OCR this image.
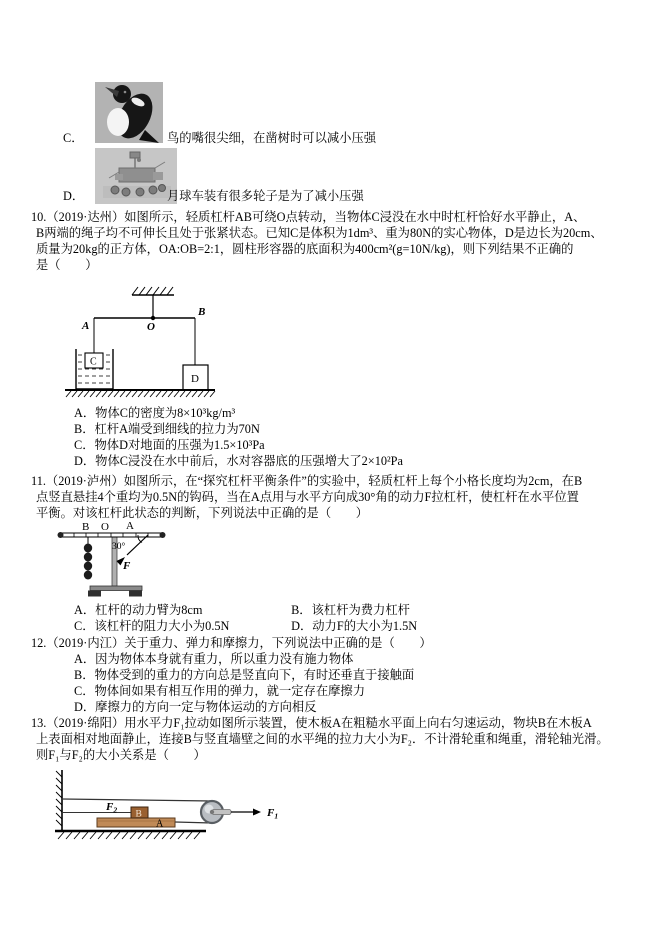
C．	鸟的嘴很尖细，在凿树时可以减小压强
D．	月球车装有很多轮子是为了减小压强
10.（2019·达州）如图所示，轻质杠杆AB可绕O点转动，当物体C浸没在水中时杠杆恰好水平静止，A、
B两端的绳子均不可伸长且处于张紧状态。已知C是体积为1dm³、重为80N的实心物体，D是边长为20cm、
质量为20kg的正方体，OA:OB=2:1，圆柱形容器的底面积为400cm²(g=10N/kg)，则下列结果不正确的
是（　　）
A
B
O
C
D
A．物体C的密度为8×10³kg/m³
B．杠杆A端受到细线的拉力为70N
C．物体D对地面的压强为1.5×10³Pa
D．物体C浸没在水中前后，水对容器底的压强增大了2×10²Pa
11.（2019·泸州）如图所示，在“探究杠杆平衡条件”的实验中，轻质杠杆上每个小格长度均为2cm，在B
点竖直悬挂4个重均为0.5N的钩码，当在A点用与水平方向成30°角的动力F拉杠杆，使杠杆在水平位置
平衡。对该杠杆此状态的判断，下列说法中正确的是（　　）
B O A
30°
F
A．杠杆的动力臂为8cm	B．该杠杆为费力杠杆
C．该杠杆的阻力大小为0.5N	D．动力F的大小为1.5N
12.（2019·内江）关于重力、弹力和摩擦力，下列说法中正确的是（　　）
A．因为物体本身就有重力，所以重力没有施力物体
B．物体受到的重力的方向总是竖直向下，有时还垂直于接触面
C．物体间如果有相互作用的弹力，就一定存在摩擦力
D．摩擦力的方向一定与物体运动的方向相反
13.（2019·绵阳）用水平力F₁拉动如图所示装置，使木板A在粗糙水平面上向右匀速运动，物块B在木板A
上表面相对地面静止，连接B与竖直墙壁之间的水平绳的拉力大小为F₂．不计滑轮重和绳重，滑轮轴光滑。
则F₁与F₂的大小关系是（　　）
A
B
$F_2$	$F_1$
